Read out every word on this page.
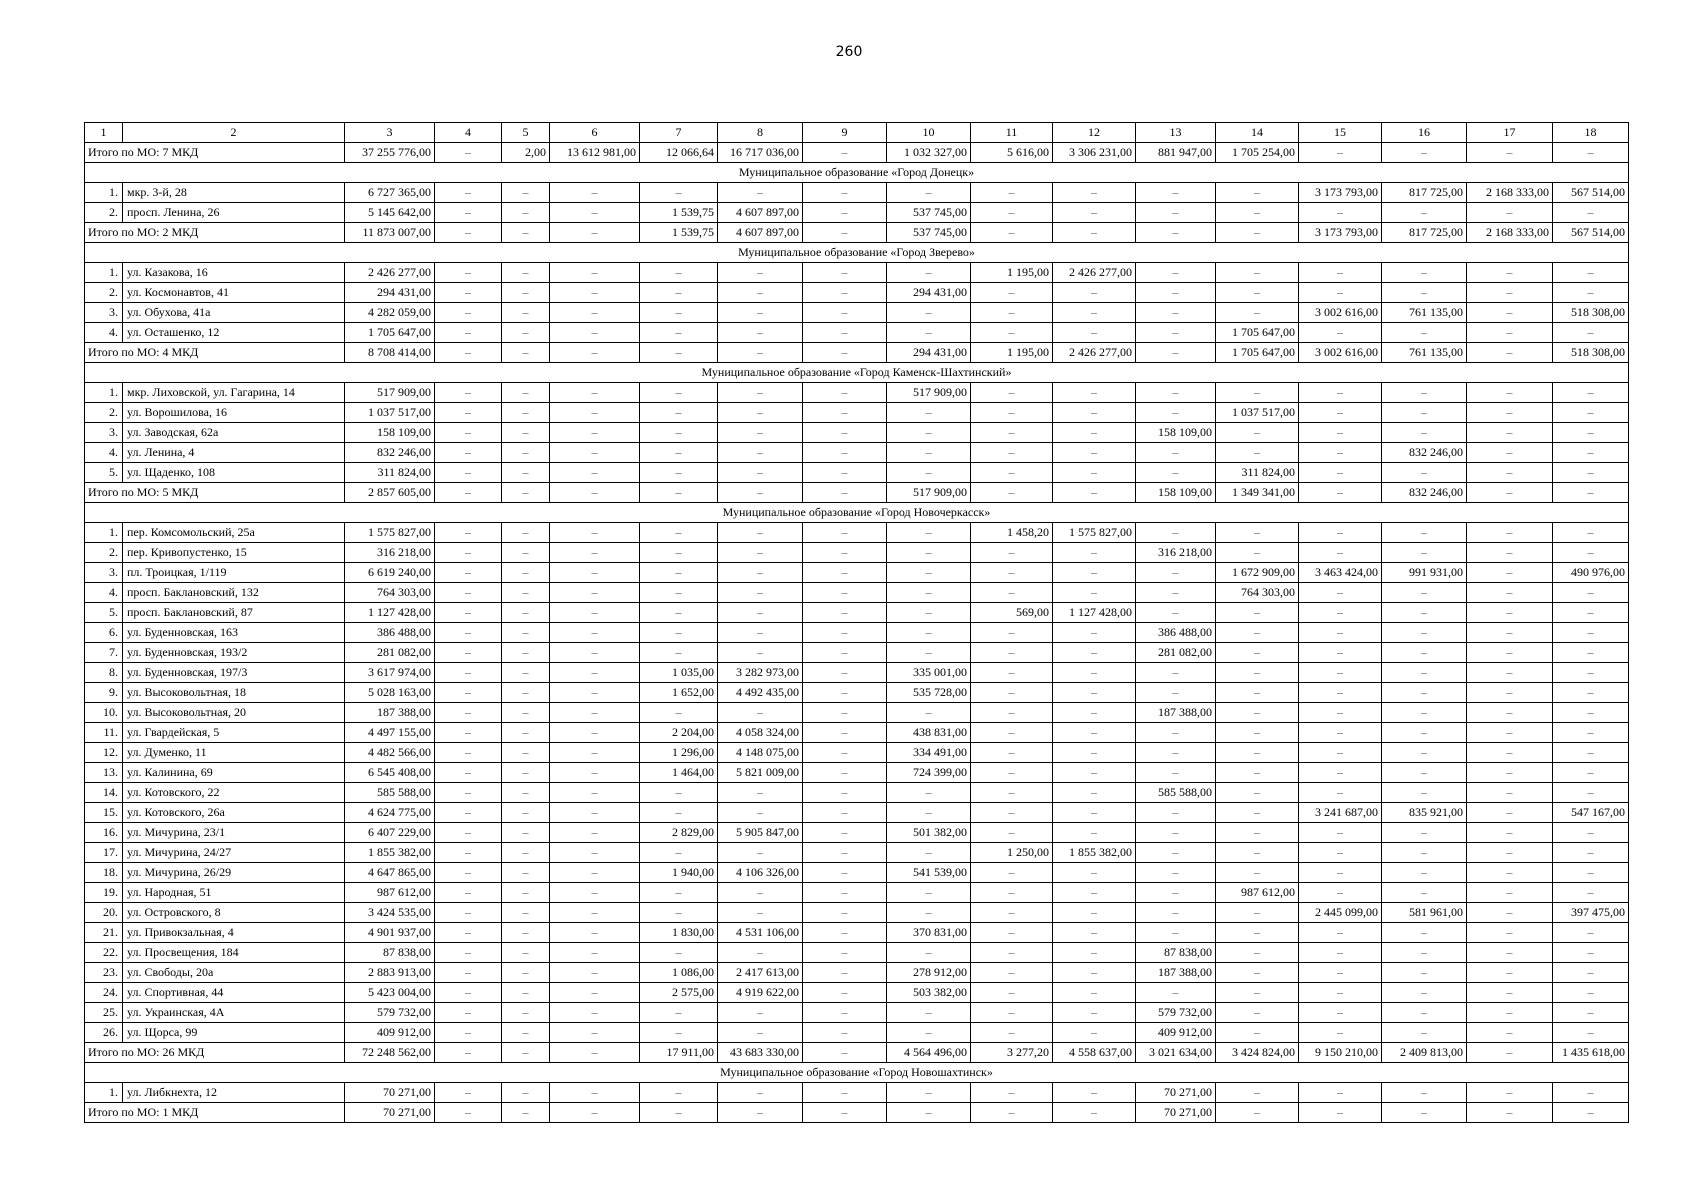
260
1	2	3	4	5	6	7	8	9	10	11	12	13	14	15	16	17	18
Итого по МО: 7 МКД		37 255 776,00	–	2,00	13 612 981,00	12 066,64	16 717 036,00	–	1 032 327,00	5 616,00	3 306 231,00	881 947,00	1 705 254,00	–	–	–	–
Муниципальное образование «Город Донецк»																	
1.	мкр. 3-й, 28	6 727 365,00	–	–	–	–	–	–	–	–	–	–	–	3 173 793,00	817 725,00	2 168 333,00	567 514,00
2.	просп. Ленина, 26	5 145 642,00	–	–	–	1 539,75	4 607 897,00	–	537 745,00	–	–	–	–	–	–	–	–
Итого по МО: 2 МКД		11 873 007,00	–	–	–	1 539,75	4 607 897,00	–	537 745,00	–	–	–	–	3 173 793,00	817 725,00	2 168 333,00	567 514,00
Муниципальное образование «Город Зверево»																	
1.	ул. Казакова, 16	2 426 277,00	–	–	–	–	–	–	–	1 195,00	2 426 277,00	–	–	–	–	–	–
2.	ул. Космонавтов, 41	294 431,00	–	–	–	–	–	–	294 431,00	–	–	–	–	–	–	–	–
3.	ул. Обухова, 41а	4 282 059,00	–	–	–	–	–	–	–	–	–	–	–	3 002 616,00	761 135,00	–	518 308,00
4.	ул. Осташенко, 12	1 705 647,00	–	–	–	–	–	–	–	–	–	–	1 705 647,00	–	–	–	–
Итого по МО: 4 МКД		8 708 414,00	–	–	–	–	–	–	294 431,00	1 195,00	2 426 277,00	–	1 705 647,00	3 002 616,00	761 135,00	–	518 308,00
Муниципальное образование «Город Каменск-Шахтинский»																	
1.	мкр. Лиховской, ул. Гагарина, 14	517 909,00	–	–	–	–	–	–	517 909,00	–	–	–	–	–	–	–	–
2.	ул. Ворошилова, 16	1 037 517,00	–	–	–	–	–	–	–	–	–	–	1 037 517,00	–	–	–	–
3.	ул. Заводская, 62а	158 109,00	–	–	–	–	–	–	–	–	–	158 109,00	–	–	–	–	–
4.	ул. Ленина, 4	832 246,00	–	–	–	–	–	–	–	–	–	–	–	–	832 246,00	–	–
5.	ул. Щаденко, 108	311 824,00	–	–	–	–	–	–	–	–	–	–	311 824,00	–	–	–	–
Итого по МО: 5 МКД		2 857 605,00	–	–	–	–	–	–	517 909,00	–	–	158 109,00	1 349 341,00	–	832 246,00	–	–
Муниципальное образование «Город Новочеркасск»																	
1.	пер. Комсомольский, 25а	1 575 827,00	–	–	–	–	–	–	–	1 458,20	1 575 827,00	–	–	–	–	–	–
2.	пер. Кривопустенко, 15	316 218,00	–	–	–	–	–	–	–	–	–	316 218,00	–	–	–	–	–
3.	пл. Троицкая, 1/119	6 619 240,00	–	–	–	–	–	–	–	–	–	–	1 672 909,00	3 463 424,00	991 931,00	–	490 976,00
4.	просп. Баклановский, 132	764 303,00	–	–	–	–	–	–	–	–	–	–	764 303,00	–	–	–	–
5.	просп. Баклановский, 87	1 127 428,00	–	–	–	–	–	–	–	569,00	1 127 428,00	–	–	–	–	–	–
6.	ул. Буденновская, 163	386 488,00	–	–	–	–	–	–	–	–	–	386 488,00	–	–	–	–	–
7.	ул. Буденновская, 193/2	281 082,00	–	–	–	–	–	–	–	–	–	281 082,00	–	–	–	–	–
8.	ул. Буденновская, 197/3	3 617 974,00	–	–	–	1 035,00	3 282 973,00	–	335 001,00	–	–	–	–	–	–	–	–
9.	ул. Высоковольтная, 18	5 028 163,00	–	–	–	1 652,00	4 492 435,00	–	535 728,00	–	–	–	–	–	–	–	–
10.	ул. Высоковольтная, 20	187 388,00	–	–	–	–	–	–	–	–	–	187 388,00	–	–	–	–	–
11.	ул. Гвардейская, 5	4 497 155,00	–	–	–	2 204,00	4 058 324,00	–	438 831,00	–	–	–	–	–	–	–	–
12.	ул. Думенко, 11	4 482 566,00	–	–	–	1 296,00	4 148 075,00	–	334 491,00	–	–	–	–	–	–	–	–
13.	ул. Калинина, 69	6 545 408,00	–	–	–	1 464,00	5 821 009,00	–	724 399,00	–	–	–	–	–	–	–	–
14.	ул. Котовского, 22	585 588,00	–	–	–	–	–	–	–	–	–	585 588,00	–	–	–	–	–
15.	ул. Котовского, 26а	4 624 775,00	–	–	–	–	–	–	–	–	–	–	–	3 241 687,00	835 921,00	–	547 167,00
16.	ул. Мичурина, 23/1	6 407 229,00	–	–	–	2 829,00	5 905 847,00	–	501 382,00	–	–	–	–	–	–	–	–
17.	ул. Мичурина, 24/27	1 855 382,00	–	–	–	–	–	–	–	1 250,00	1 855 382,00	–	–	–	–	–	–
18.	ул. Мичурина, 26/29	4 647 865,00	–	–	–	1 940,00	4 106 326,00	–	541 539,00	–	–	–	–	–	–	–	–
19.	ул. Народная, 51	987 612,00	–	–	–	–	–	–	–	–	–	–	987 612,00	–	–	–	–
20.	ул. Островского, 8	3 424 535,00	–	–	–	–	–	–	–	–	–	–	–	2 445 099,00	581 961,00	–	397 475,00
21.	ул. Привокзальная, 4	4 901 937,00	–	–	–	1 830,00	4 531 106,00	–	370 831,00	–	–	–	–	–	–	–	–
22.	ул. Просвещения, 184	87 838,00	–	–	–	–	–	–	–	–	–	87 838,00	–	–	–	–	–
23.	ул. Свободы, 20а	2 883 913,00	–	–	–	1 086,00	2 417 613,00	–	278 912,00	–	–	187 388,00	–	–	–	–	–
24.	ул. Спортивная, 44	5 423 004,00	–	–	–	2 575,00	4 919 622,00	–	503 382,00	–	–	–	–	–	–	–	–
25.	ул. Украинская, 4А	579 732,00	–	–	–	–	–	–	–	–	–	579 732,00	–	–	–	–	–
26.	ул. Щорса, 99	409 912,00	–	–	–	–	–	–	–	–	–	409 912,00	–	–	–	–	–
Итого по МО: 26 МКД		72 248 562,00	–	–	–	17 911,00	43 683 330,00	–	4 564 496,00	3 277,20	4 558 637,00	3 021 634,00	3 424 824,00	9 150 210,00	2 409 813,00	–	1 435 618,00
Муниципальное образование «Город Новошахтинск»																	
1.	ул. Либкнехта, 12	70 271,00	–	–	–	–	–	–	–	–	–	70 271,00	–	–	–	–	–
Итого по МО: 1 МКД		70 271,00	–	–	–	–	–	–	–	–	–	70 271,00	–	–	–	–	–
